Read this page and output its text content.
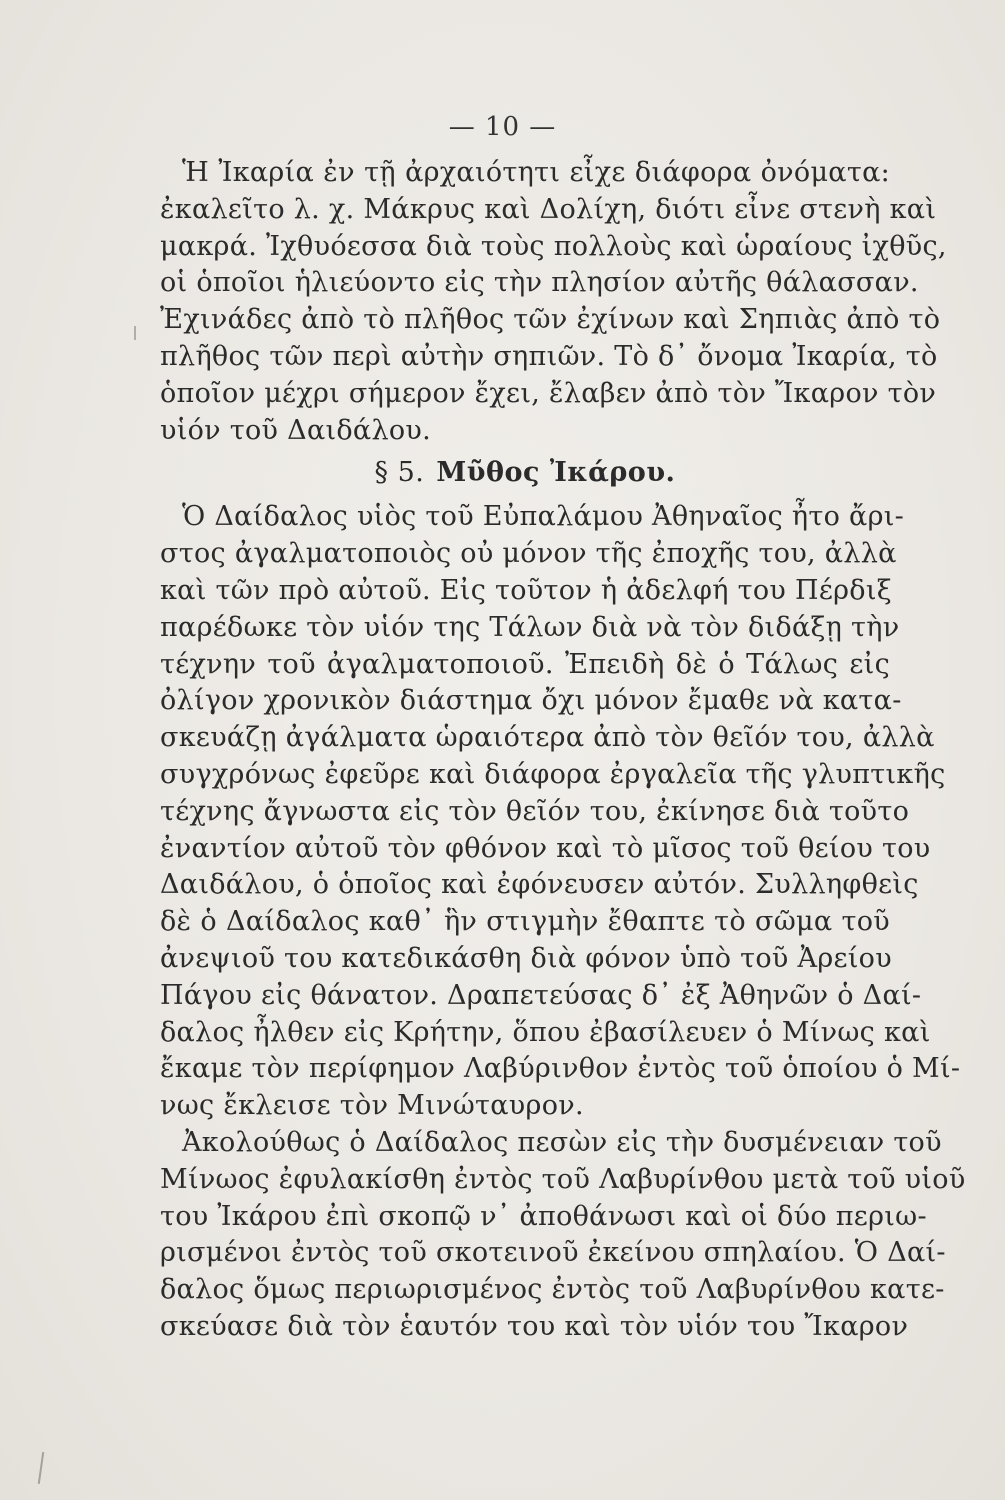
— 10 —
Ἡ Ἰκαρία ἐν τῇ ἀρχαιότητι εἶχε διάφορα ὀνόματα:
ἐκαλεῖτο λ. χ. Μάκρυς καὶ Δολίχη, διότι εἶνε στενὴ καὶ
μακρά. Ἰχθυόεσσα διὰ τοὺς πολλοὺς καὶ ὡραίους ἰχθῦς,
οἱ ὁποῖοι ἡλιεύοντο εἰς τὴν πλησίον αὐτῆς θάλασσαν.
Ἐχινάδες ἀπὸ τὸ πλῆθος τῶν ἐχίνων καὶ Σηπιὰς ἀπὸ τὸ
πλῆθος τῶν περὶ αὐτὴν σηπιῶν. Τὸ δ᾽ ὄνομα Ἰκαρία, τὸ
ὁποῖον μέχρι σήμερον ἔχει, ἔλαβεν ἀπὸ τὸν Ἴκαρον τὸν
υἱόν τοῦ Δαιδάλου.
§ 5. Μῦθος Ἰκάρου.
Ὁ Δαίδαλος υἱὸς τοῦ Εὐπαλάμου Ἀθηναῖος ἦτο ἄρι-
στος ἀγαλματοποιὸς οὐ μόνον τῆς ἐποχῆς του, ἀλλὰ
καὶ τῶν πρὸ αὐτοῦ. Εἰς τοῦτον ἡ ἀδελφή του Πέρδιξ
παρέδωκε τὸν υἱόν της Τάλων διὰ νὰ τὸν διδάξῃ τὴν
τέχνην τοῦ ἀγαλματοποιοῦ. Ἐπειδὴ δὲ ὁ Τάλως εἰς
ὀλίγον χρονικὸν διάστημα ὄχι μόνον ἔμαθε νὰ κατα-
σκευάζῃ ἀγάλματα ὡραιότερα ἀπὸ τὸν θεῖόν του, ἀλλὰ
συγχρόνως ἐφεῦρε καὶ διάφορα ἐργαλεῖα τῆς γλυπτικῆς
τέχνης ἄγνωστα εἰς τὸν θεῖόν του, ἐκίνησε διὰ τοῦτο
ἐναντίον αὐτοῦ τὸν φθόνον καὶ τὸ μῖσος τοῦ θείου του
Δαιδάλου, ὁ ὁποῖος καὶ ἐφόνευσεν αὐτόν. Συλληφθεὶς
δὲ ὁ Δαίδαλος καθ᾽ ἣν στιγμὴν ἔθαπτε τὸ σῶμα τοῦ
ἀνεψιοῦ του κατεδικάσθη διὰ φόνον ὑπὸ τοῦ Ἀρείου
Πάγου εἰς θάνατον. Δραπετεύσας δ᾽ ἐξ Ἀθηνῶν ὁ Δαί-
δαλος ἦλθεν εἰς Κρήτην, ὅπου ἐβασίλευεν ὁ Μίνως καὶ
ἔκαμε τὸν περίφημον Λαβύρινθον ἐντὸς τοῦ ὁποίου ὁ Μί-
νως ἔκλεισε τὸν Μινώταυρον.
Ἀκολούθως ὁ Δαίδαλος πεσὼν εἰς τὴν δυσμένειαν τοῦ
Μίνωος ἐφυλακίσθη ἐντὸς τοῦ Λαβυρίνθου μετὰ τοῦ υἱοῦ
του Ἰκάρου ἐπὶ σκοπῷ ν᾽ ἀποθάνωσι καὶ οἱ δύο περιω-
ρισμένοι ἐντὸς τοῦ σκοτεινοῦ ἐκείνου σπηλαίου. Ὁ Δαί-
δαλος ὅμως περιωρισμένος ἐντὸς τοῦ Λαβυρίνθου κατε-
σκεύασε διὰ τὸν ἑαυτόν του καὶ τὸν υἱόν του Ἴκαρον
